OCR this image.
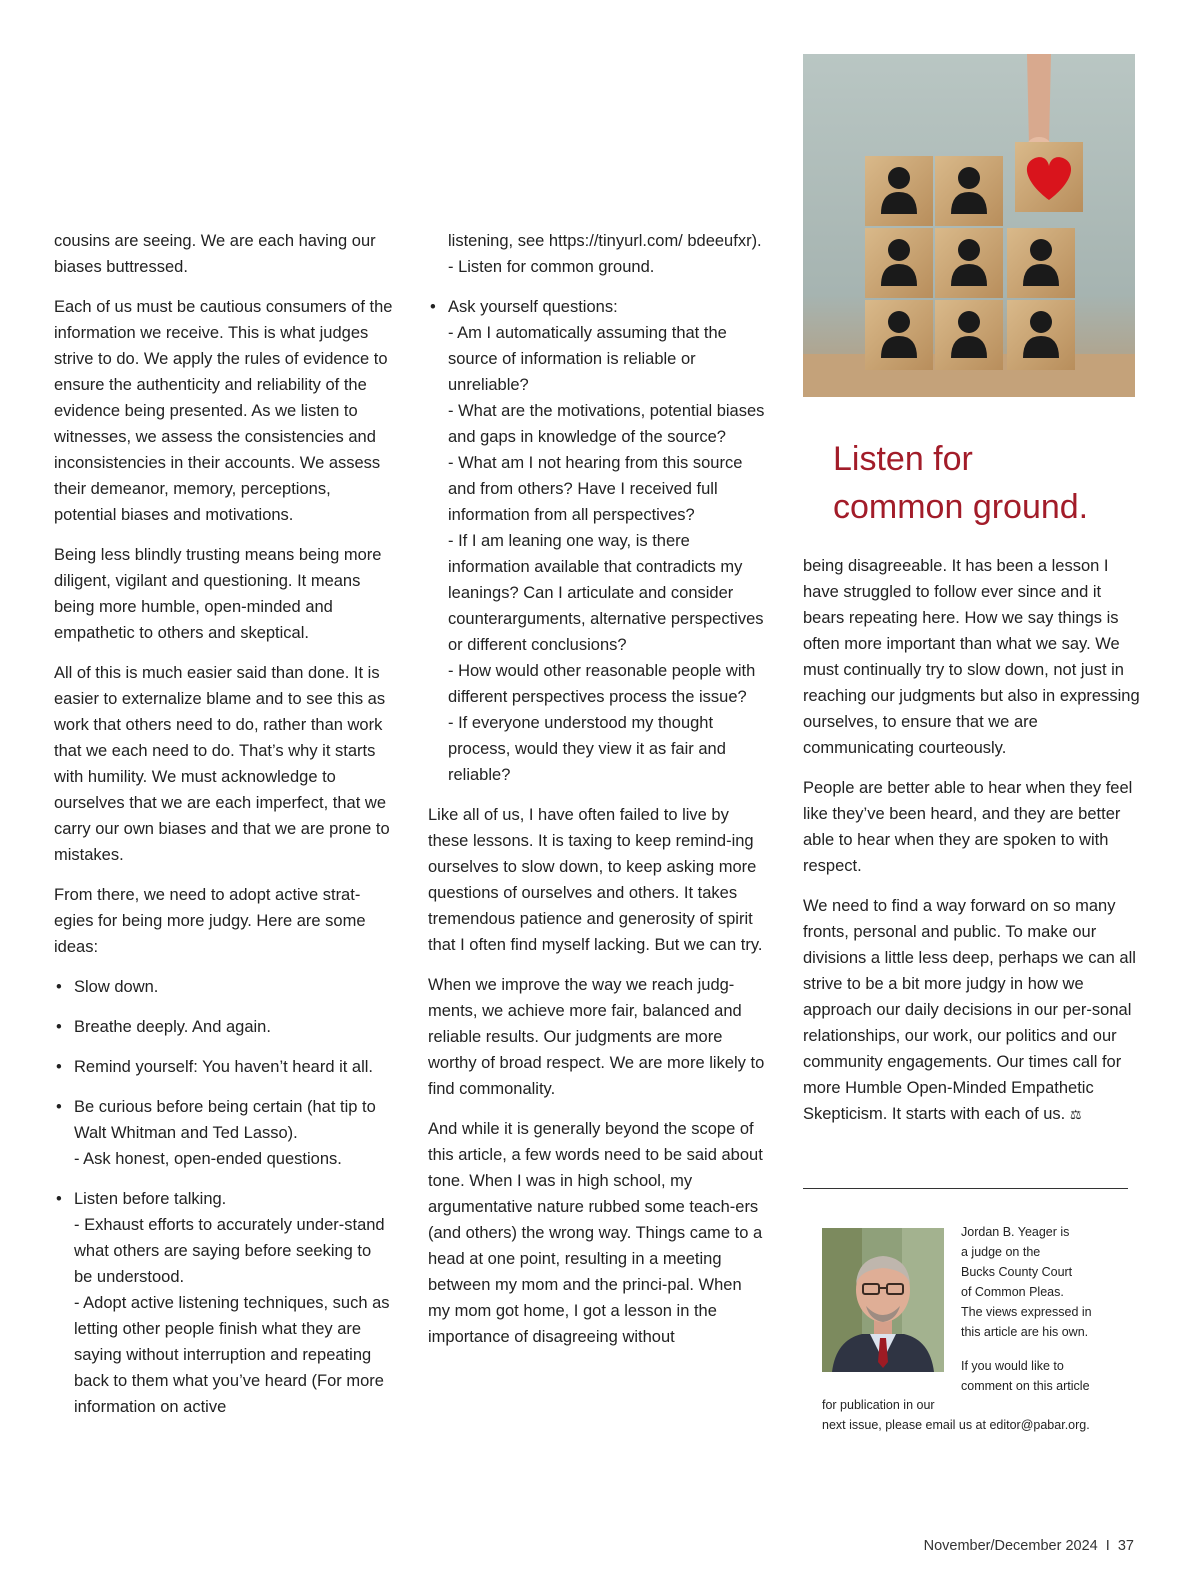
cousins are seeing. We are each having our biases buttressed.

Each of us must be cautious consumers of the information we receive. This is what judges strive to do. We apply the rules of evidence to ensure the authenticity and reliability of the evidence being presented. As we listen to witnesses, we assess the consistencies and inconsistencies in their accounts. We assess their demeanor, memory, perceptions, potential biases and motivations.

Being less blindly trusting means being more diligent, vigilant and questioning. It means being more humble, open-minded and empathetic to others and skeptical.

All of this is much easier said than done. It is easier to externalize blame and to see this as work that others need to do, rather than work that we each need to do. That’s why it starts with humility. We must acknowledge to ourselves that we are each imperfect, that we carry our own biases and that we are prone to mistakes.

From there, we need to adopt active strat-egies for being more judgy. Here are some ideas:

• Slow down.
• Breathe deeply. And again.
• Remind yourself: You haven’t heard it all.
• Be curious before being certain (hat tip to Walt Whitman and Ted Lasso).
- Ask honest, open-ended questions.
• Listen before talking.
- Exhaust efforts to accurately under-stand what others are saying before seeking to be understood.
- Adopt active listening techniques, such as letting other people finish what they are saying without interruption and repeating back to them what you’ve heard (For more information on active
listening, see https://tinyurl.com/ bdeeufxr).
- Listen for common ground.
• Ask yourself questions:
- Am I automatically assuming that the source of information is reliable or unreliable?
- What are the motivations, potential biases and gaps in knowledge of the source?
- What am I not hearing from this source and from others? Have I received full information from all perspectives?
- If I am leaning one way, is there information available that contradicts my leanings? Can I articulate and consider counterarguments, alternative perspectives or different conclusions?
- How would other reasonable people with different perspectives process the issue?
- If everyone understood my thought process, would they view it as fair and reliable?

Like all of us, I have often failed to live by these lessons. It is taxing to keep remind-ing ourselves to slow down, to keep asking more questions of ourselves and others. It takes tremendous patience and generosity of spirit that I often find myself lacking. But we can try.

When we improve the way we reach judg-ments, we achieve more fair, balanced and reliable results. Our judgments are more worthy of broad respect. We are more likely to find commonality.

And while it is generally beyond the scope of this article, a few words need to be said about tone. When I was in high school, my argumentative nature rubbed some teach-ers (and others) the wrong way. Things came to a head at one point, resulting in a meeting between my mom and the princi-pal. When my mom got home, I got a lesson in the importance of disagreeing without

Listen for
common ground.

being disagreeable. It has been a lesson I have struggled to follow ever since and it bears repeating here. How we say things is often more important than what we say. We must continually try to slow down, not just in reaching our judgments but also in expressing ourselves, to ensure that we are communicating courteously.

People are better able to hear when they feel like they’ve been heard, and they are better able to hear when they are spoken to with respect.

We need to find a way forward on so many fronts, personal and public. To make our divisions a little less deep, perhaps we can all strive to be a bit more judgy in how we approach our daily decisions in our per-sonal relationships, our work, our politics and our community engagements. Our times call for more Humble Open-Minded Empathetic Skepticism. It starts with each of us. ⚖

Jordan B. Yeager is
a judge on the
Bucks County Court
of Common Pleas.
The views expressed in
this article are his own.

If you would like to
comment on this article

for publication in our
next issue, please email us at editor@pabar.org.
November/December 2024 I 37
